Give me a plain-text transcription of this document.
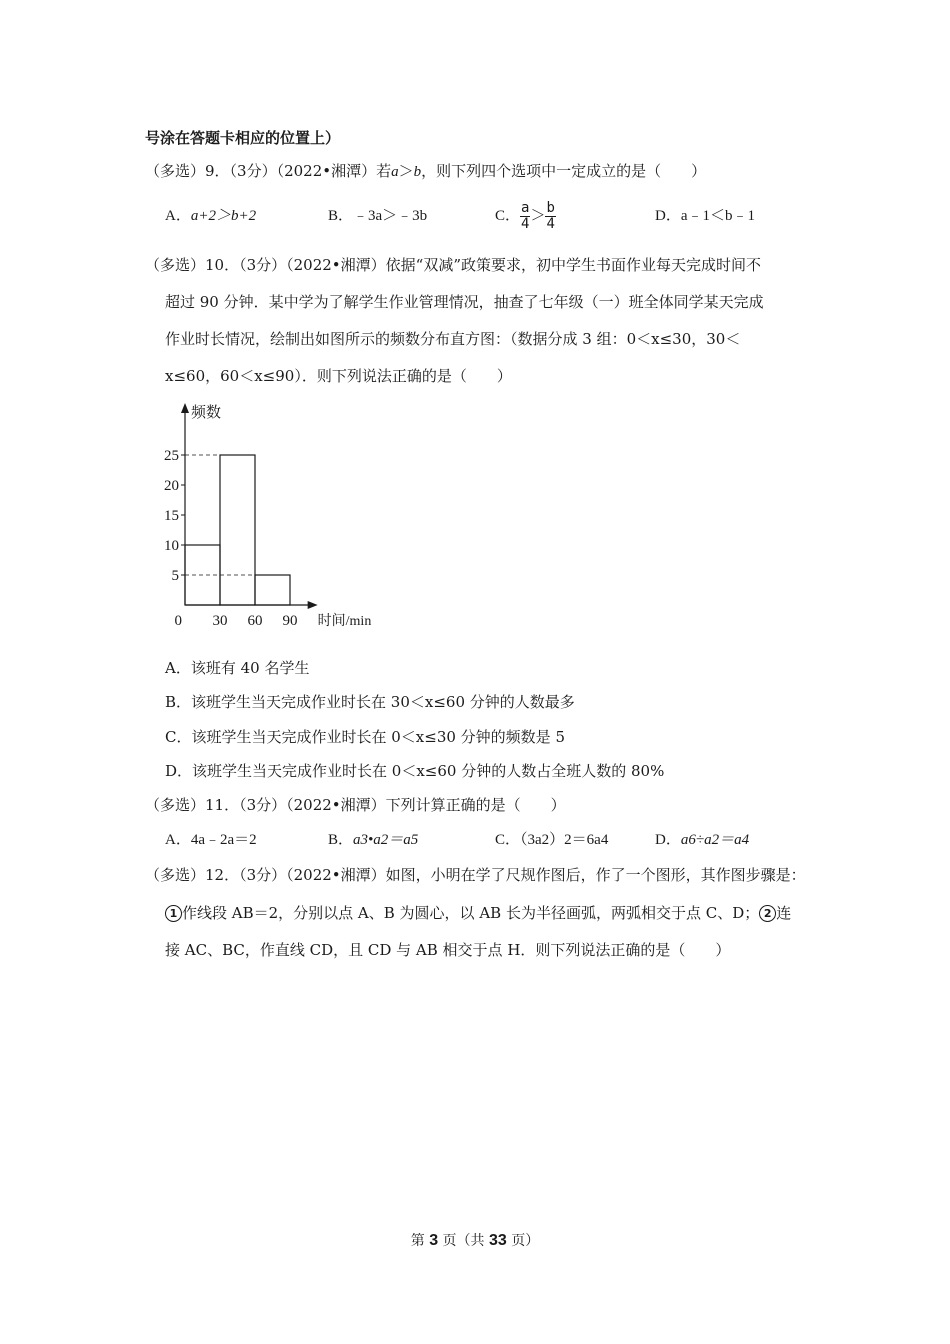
号涂在答题卡相应的位置上）
（多选）9．（3分）（2022•湘潭）若a＞b，则下列四个选项中一定成立的是（　　）
A．a+2＞b+2	B．﹣3a＞﹣3b	C． $\frac{a}{4} > \frac{b}{4}$	D．a﹣1＜b﹣1
（多选）10．（3分）（2022•湘潭）依据“双减”政策要求，初中学生书面作业每天完成时间不
超过 90 分钟．某中学为了解学生作业管理情况，抽查了七年级（一）班全体同学某天完成
作业时长情况，绘制出如图所示的频数分布直方图：（数据分成 3 组：0＜x≤30，30＜
x≤60，60＜x≤90）．则下列说法正确的是（　　）
频数
时间/min
5
10
15
20
25
30 60 90
0
A．该班有 40 名学生
B．该班学生当天完成作业时长在 30＜x≤60 分钟的人数最多
C．该班学生当天完成作业时长在 0＜x≤30 分钟的频数是 5
D．该班学生当天完成作业时长在 0＜x≤60 分钟的人数占全班人数的 80%
（多选）11．（3分）（2022•湘潭）下列计算正确的是（　　）
A．4a﹣2a＝2	B．a3•a2＝a5	C．（3a2）2＝6a4	D．a6÷a2＝a4
（多选）12．（3分）（2022•湘潭）如图，小明在学了尺规作图后，作了一个图形，其作图步骤是：
1 作线段 AB＝2，分别以点 A、B 为圆心，以 AB 长为半径画弧，两弧相交于点 C、D； 2 连
接 AC、BC，作直线 CD，且 CD 与 AB 相交于点 H．则下列说法正确的是（　　）
第 3 页（共 33 页）
